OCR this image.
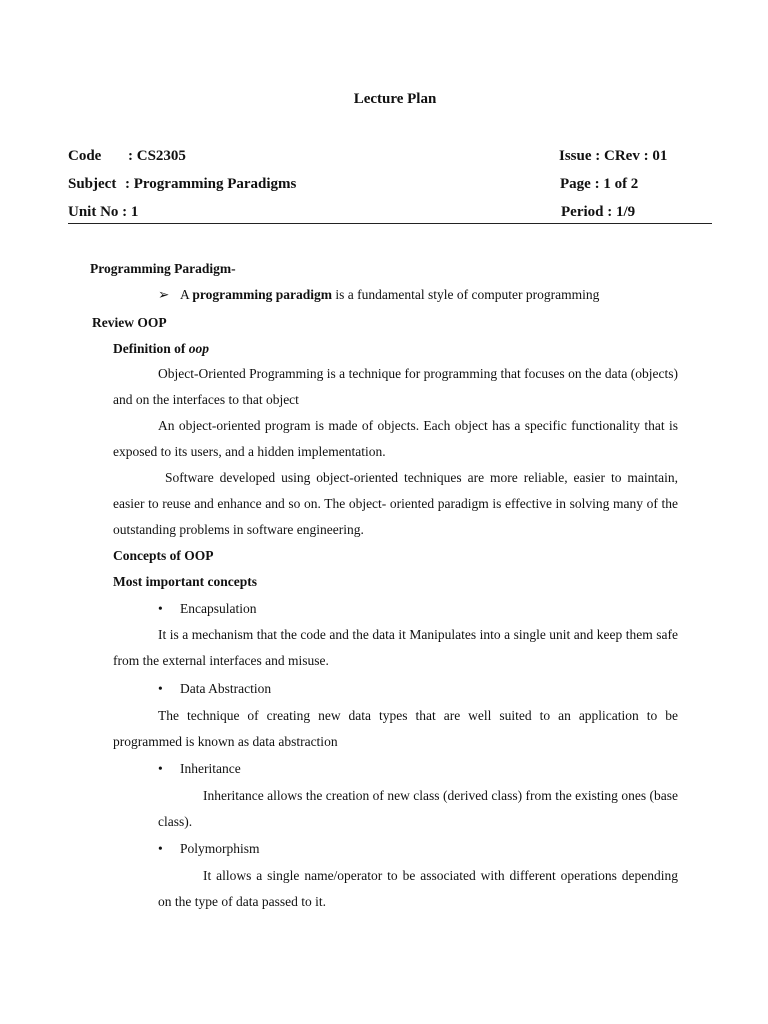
Lecture Plan
Code : CS2305
Subject : Programming Paradigms
Unit No : 1
Issue : CRev : 01
Page : 1 of 2
Period : 1/9
Programming Paradigm-
➢ A programming paradigm is a fundamental style of computer programming
Review OOP
Definition of oop
Object-Oriented Programming is a technique for programming that focuses on the data (objects) and on the interfaces to that object
An object-oriented program is made of objects. Each object has a specific functionality that is exposed to its users, and a hidden implementation.
Software developed using object-oriented techniques are more reliable, easier to maintain, easier to reuse and enhance and so on. The object- oriented paradigm is effective in solving many of the outstanding problems in software engineering.
Concepts of OOP
Most important concepts
• Encapsulation
It is a mechanism that the code and the data it Manipulates into a single unit and keep them safe from the external interfaces and misuse.
• Data Abstraction
The technique of creating new data types that are well suited to an application to be programmed is known as data abstraction
• Inheritance
Inheritance allows the creation of new class (derived class) from the existing ones (base class).
• Polymorphism
It allows a single name/operator to be associated with different operations depending on the type of data passed to it.
